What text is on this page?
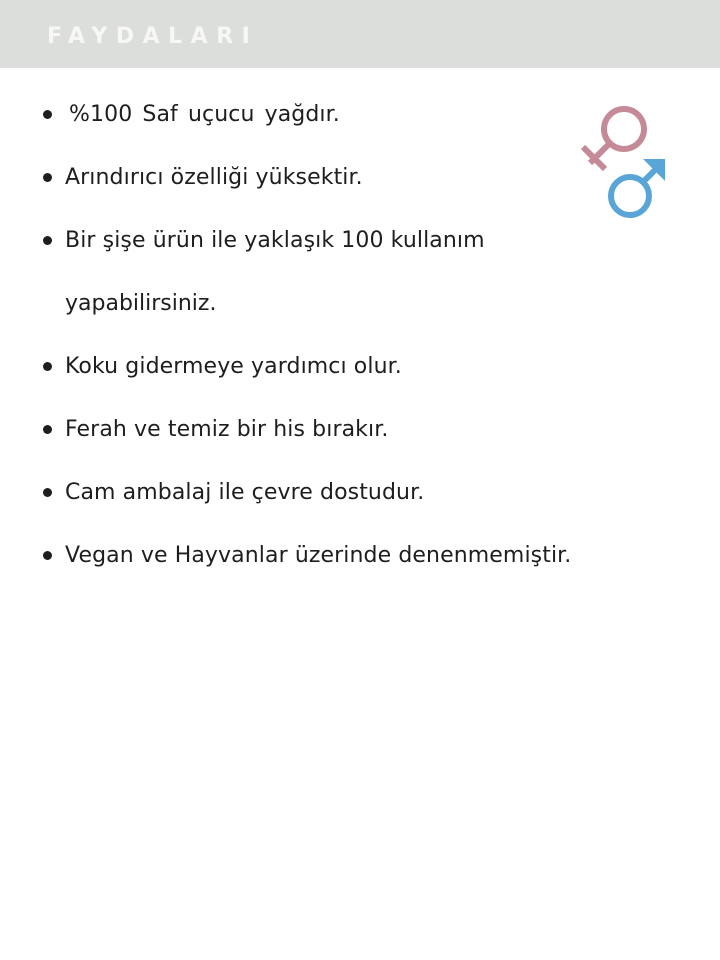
FAYDALARI
%100 Saf uçucu yağdır.
Arındırıcı özelliği yüksektir.
Bir şişe ürün ile yaklaşık 100 kullanım
yapabilirsiniz.
Koku gidermeye yardımcı olur.
Ferah ve temiz bir his bırakır.
Cam ambalaj ile çevre dostudur.
Vegan ve Hayvanlar üzerinde denenmemiştir.
